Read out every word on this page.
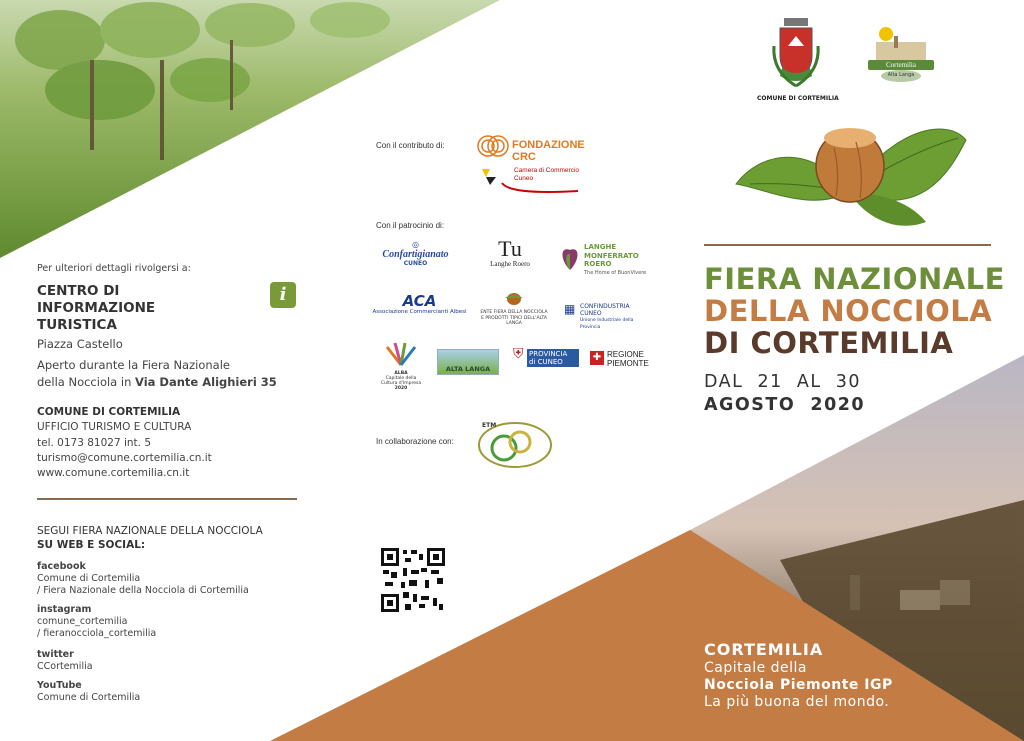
Per ulteriori dettagli rivolgersi a:
CENTRO DI
INFORMAZIONE
TURISTICA
i
Piazza Castello
Aperto durante la Fiera Nazionale
della Nocciola in Via Dante Alighieri 35
COMUNE DI CORTEMILIA
UFFICIO TURISMO E CULTURA
tel. 0173 81027 int. 5
turismo@comune.cortemilia.cn.it
www.comune.cortemilia.cn.it
SEGUI FIERA NAZIONALE DELLA NOCCIOLA
SU WEB E SOCIAL:
facebook
Comune di Cortemilia
/ Fiera Nazionale della Nocciola di Cortemilia
instagram
comune_cortemilia
/ fieranocciola_cortemilia
twitter
CCortemilia
YouTube
Comune di Cortemilia
Con il contributo di:	FONDAZIONE CRC
Camera di Commercio
Cuneo
Con il patrocinio di:
◎
Confartigianato
CUNEO
Tu
Langhe Roero
LANGHE
MONFERRATO
ROERO
The Home of BuonVivere
ACA
Associazione Commercianti Albesi	ENTE FIERA DELLA NOCCIOLA
E PRODOTTI TIPICI DELL'ALTA LANGA
▦ CONFINDUSTRIA CUNEO
Unione Industriale della Provincia
ALBA
Capitale della
Cultura d'Impresa
2020
ALTA LANGA
⛨ PROVINCIA
di CUNEO	✚ REGIONE
PIEMONTE
In collaborazione con:
ETM
COMUNE DI CORTEMILIA
Cortemilia
Alta Langa
FIERA NAZIONALE
DELLA NOCCIOLA
DI CORTEMILIA
DAL  21  AL  30
AGOSTO  2020
CORTEMILIA
Capitale della
Nocciola Piemonte IGP
La più buona del mondo.
